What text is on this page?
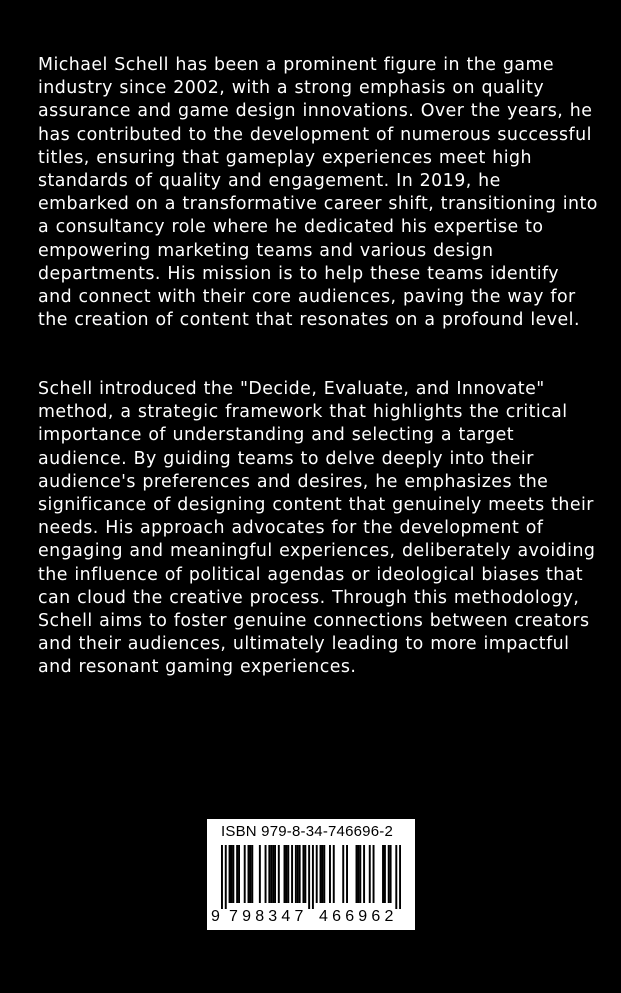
Michael Schell has been a prominent figure in the game industry since 2002, with a strong emphasis on quality assurance and game design innovations. Over the years, he has contributed to the development of numerous successful titles, ensuring that gameplay experiences meet high standards of quality and engagement. In 2019, he embarked on a transformative career shift, transitioning into a consultancy role where he dedicated his expertise to empowering marketing teams and various design departments. His mission is to help these teams identify and connect with their core audiences, paving the way for the creation of content that resonates on a profound level.

Schell introduced the "Decide, Evaluate, and Innovate" method, a strategic framework that highlights the critical importance of understanding and selecting a target audience. By guiding teams to delve deeply into their audience's preferences and desires, he emphasizes the significance of designing content that genuinely meets their needs. His approach advocates for the development of engaging and meaningful experiences, deliberately avoiding the influence of political agendas or ideological biases that can cloud the creative process. Through this methodology, Schell aims to foster genuine connections between creators and their audiences, ultimately leading to more impactful and resonant gaming experiences.

ISBN 979-8-34-746696-2
9 798347 466962
